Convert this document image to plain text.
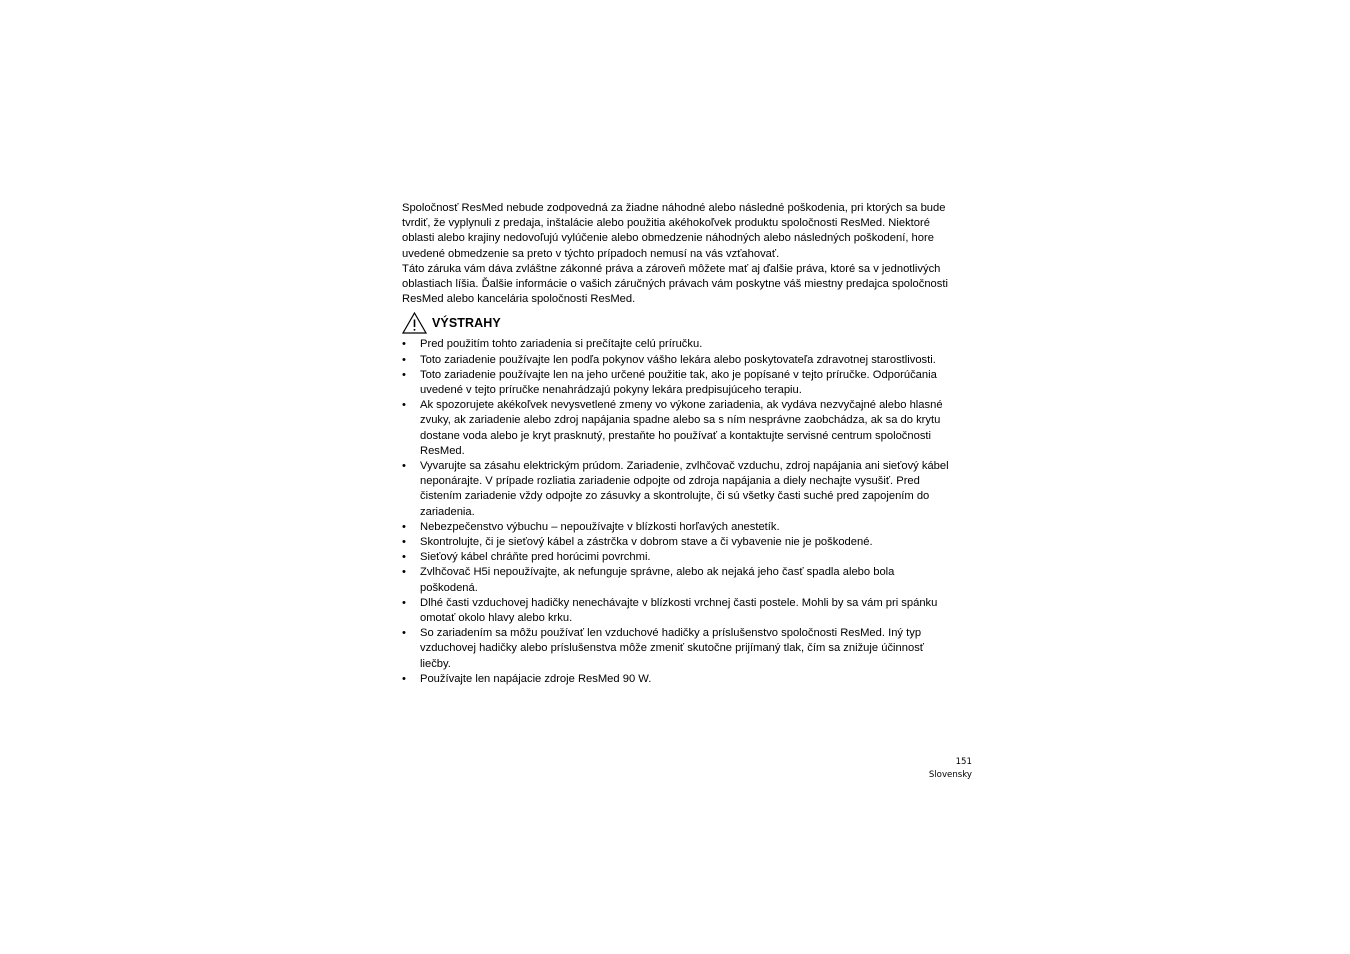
Spoločnosť ResMed nebude zodpovedná za žiadne náhodné alebo následné poškodenia, pri ktorých sa bude tvrdiť, že vyplynuli z predaja, inštalácie alebo použitia akéhokoľvek produktu spoločnosti ResMed. Niektoré oblasti alebo krajiny nedovoľujú vylúčenie alebo obmedzenie náhodných alebo následných poškodení, hore uvedené obmedzenie sa preto v týchto prípadoch nemusí na vás vzťahovať.

Táto záruka vám dáva zvláštne zákonné práva a zároveň môžete mať aj ďalšie práva, ktoré sa v jednotlivých oblastiach líšia. Ďalšie informácie o vašich záručných právach vám poskytne váš miestny predajca spoločnosti ResMed alebo kancelária spoločnosti ResMed.

VÝSTRAHY
• Pred použitím tohto zariadenia si prečítajte celú príručku.
• Toto zariadenie používajte len podľa pokynov vášho lekára alebo poskytovateľa zdravotnej starostlivosti.
• Toto zariadenie používajte len na jeho určené použitie tak, ako je popísané v tejto príručke. Odporúčania uvedené v tejto príručke nenahrádzajú pokyny lekára predpisujúceho terapiu.
• Ak spozorujete akékoľvek nevysvetlené zmeny vo výkone zariadenia, ak vydáva nezvyčajné alebo hlasné zvuky, ak zariadenie alebo zdroj napájania spadne alebo sa s ním nesprávne zaobchádza, ak sa do krytu dostane voda alebo je kryt prasknutý, prestaňte ho používať a kontaktujte servisné centrum spoločnosti ResMed.
• Vyvarujte sa zásahu elektrickým prúdom. Zariadenie, zvlhčovač vzduchu, zdroj napájania ani sieťový kábel neponárajte. V prípade rozliatia zariadenie odpojte od zdroja napájania a diely nechajte vysušiť. Pred čistením zariadenie vždy odpojte zo zásuvky a skontrolujte, či sú všetky časti suché pred zapojením do zariadenia.
• Nebezpečenstvo výbuchu – nepoužívajte v blízkosti horľavých anestetík.
• Skontrolujte, či je sieťový kábel a zástrčka v dobrom stave a či vybavenie nie je poškodené.
• Sieťový kábel chráňte pred horúcimi povrchmi.
• Zvlhčovač H5i nepoužívajte, ak nefunguje správne, alebo ak nejaká jeho časť spadla alebo bola poškodená.
• Dlhé časti vzduchovej hadičky nenechávajte v blízkosti vrchnej časti postele. Mohli by sa vám pri spánku omotať okolo hlavy alebo krku.
• So zariadením sa môžu používať len vzduchové hadičky a príslušenstvo spoločnosti ResMed. Iný typ vzduchovej hadičky alebo príslušenstva môže zmeniť skutočne prijímaný tlak, čím sa znižuje účinnosť liečby.
• Používajte len napájacie zdroje ResMed 90 W.
151
Slovensky
